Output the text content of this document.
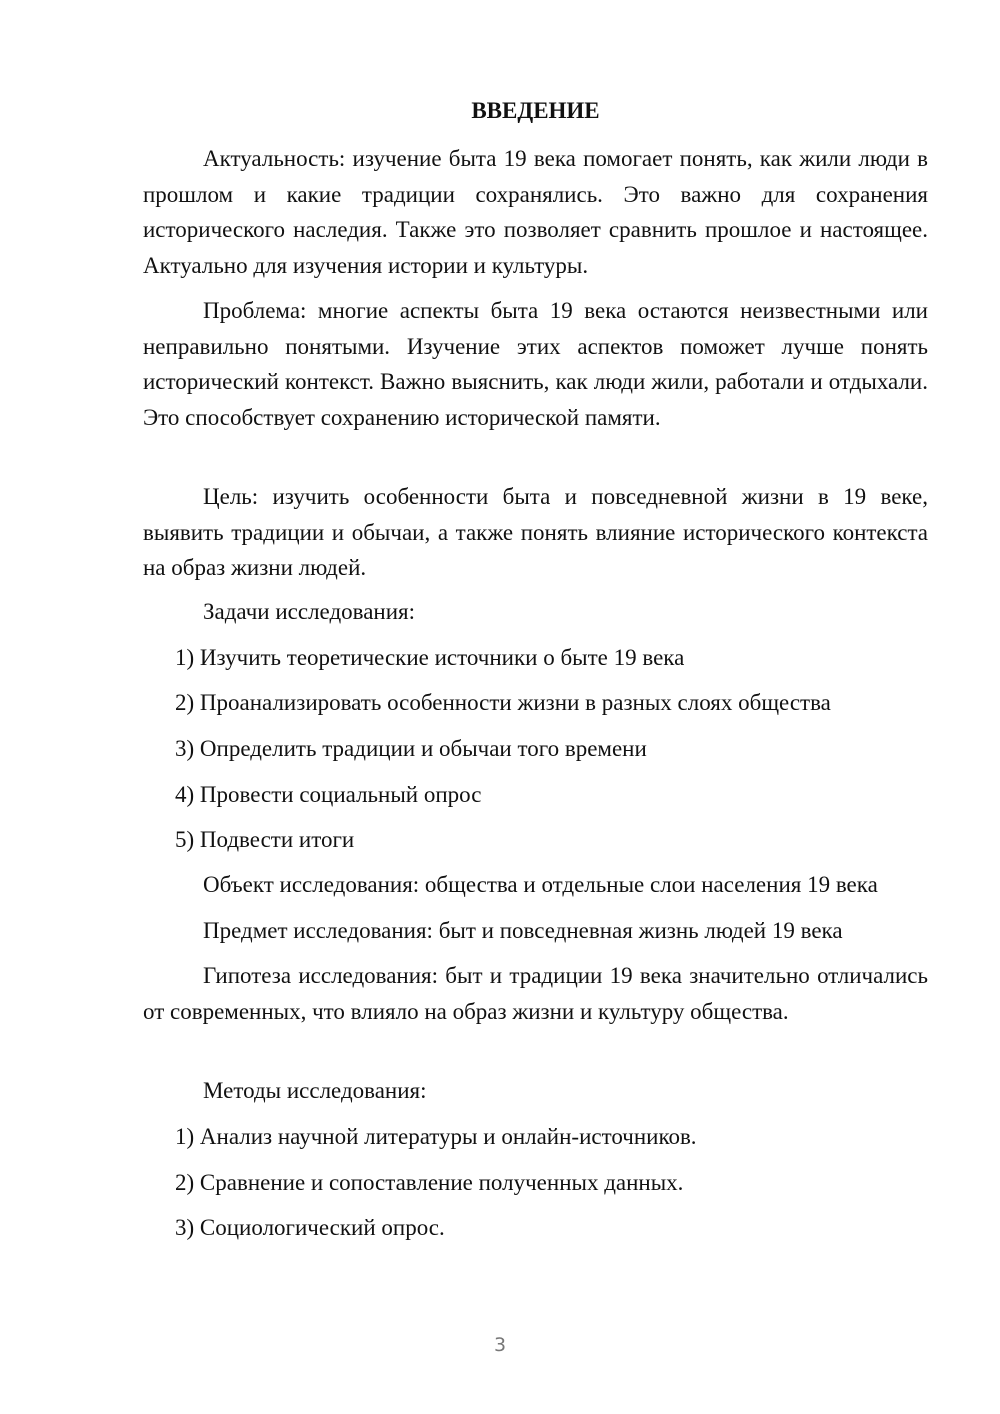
ВВЕДЕНИЕ

Актуальность: изучение быта 19 века помогает понять, как жили люди в прошлом и какие традиции сохранялись. Это важно для сохранения исторического наследия. Также это позволяет сравнить прошлое и настоящее. Актуально для изучения истории и культуры.

Проблема: многие аспекты быта 19 века остаются неизвестными или неправильно понятыми. Изучение этих аспектов поможет лучше понять исторический контекст. Важно выяснить, как люди жили, работали и отдыхали. Это способствует сохранению исторической памяти.

Цель: изучить особенности быта и повседневной жизни в 19 веке, выявить традиции и обычаи, а также понять влияние исторического контекста на образ жизни людей.

Задачи исследования:

1) Изучить теоретические источники о быте 19 века

2) Проанализировать особенности жизни в разных слоях общества

3) Определить традиции и обычаи того времени

4) Провести социальный опрос

5) Подвести итоги

Объект исследования: общества и отдельные слои населения 19 века

Предмет исследования: быт и повседневная жизнь людей 19 века

Гипотеза исследования: быт и традиции 19 века значительно отличались от современных, что влияло на образ жизни и культуру общества.

Методы исследования:

1) Анализ научной литературы и онлайн-источников.

2) Сравнение и сопоставление полученных данных.

3) Социологический опрос.

3
